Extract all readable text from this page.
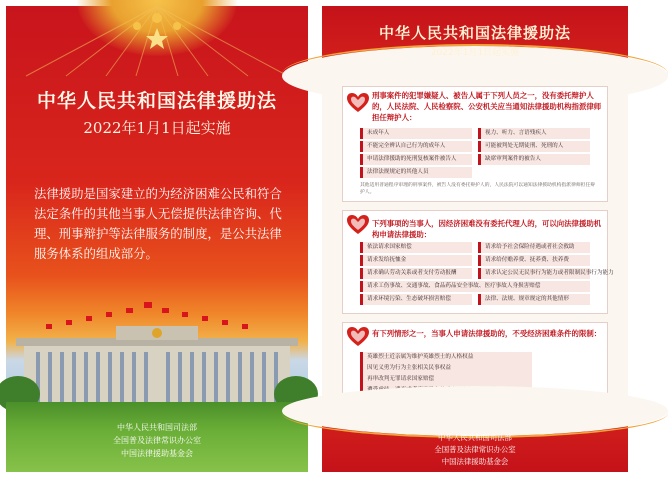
中华人民共和国法律援助法
2022年1月1日起实施
法律援助是国家建立的为经济困难公民和符合法定条件的其他当事人无偿提供法律咨询、代理、刑事辩护等法律服务的制度，是公共法律服务体系的组成部分。
中华人民共和国司法部
全国普及法律常识办公室
中国法律援助基金会
中华人民共和国法律援助法
2022年1月1日起实施
刑事案件的犯罪嫌疑人、被告人属于下列人员之一，没有委托辩护人的，人民法院、人民检察院、公安机关应当通知法律援助机构指派律师担任辩护人：
未成年人	视力、听力、言语残疾人
不能完全辨认自己行为的成年人	可能被判处无期徒刑、死刑的人
申请法律援助的死刑复核案件被告人	缺席审判案件的被告人
法律法规规定的其他人员
其他适用普通程序审理的刑事案件，被告人没有委托辩护人的，人民法院可以通知法律援助机构指派律师担任辩护人。
下列事项的当事人，因经济困难没有委托代理人的，可以向法律援助机构申请法律援助：
依法请求国家赔偿	请求给予社会保险待遇或者社会救助
请求发给抚恤金	请求给付赡养费、抚养费、扶养费
请求确认劳动关系或者支付劳动报酬	请求认定公民无民事行为能力或者限制民事行为能力
请求工伤事故、交通事故、食品药品安全事故、医疗事故人身损害赔偿
请求环境污染、生态破坏损害赔偿	法律、法规、规章规定的其他情形
有下列情形之一，当事人申请法律援助的，不受经济困难条件的限制：
英雄烈士近亲属为维护英雄烈士的人格权益
因见义勇为行为主张相关民事权益
再审改判无罪请求国家赔偿
中华人民共和国司法部
全国普及法律常识办公室
中国法律援助基金会
